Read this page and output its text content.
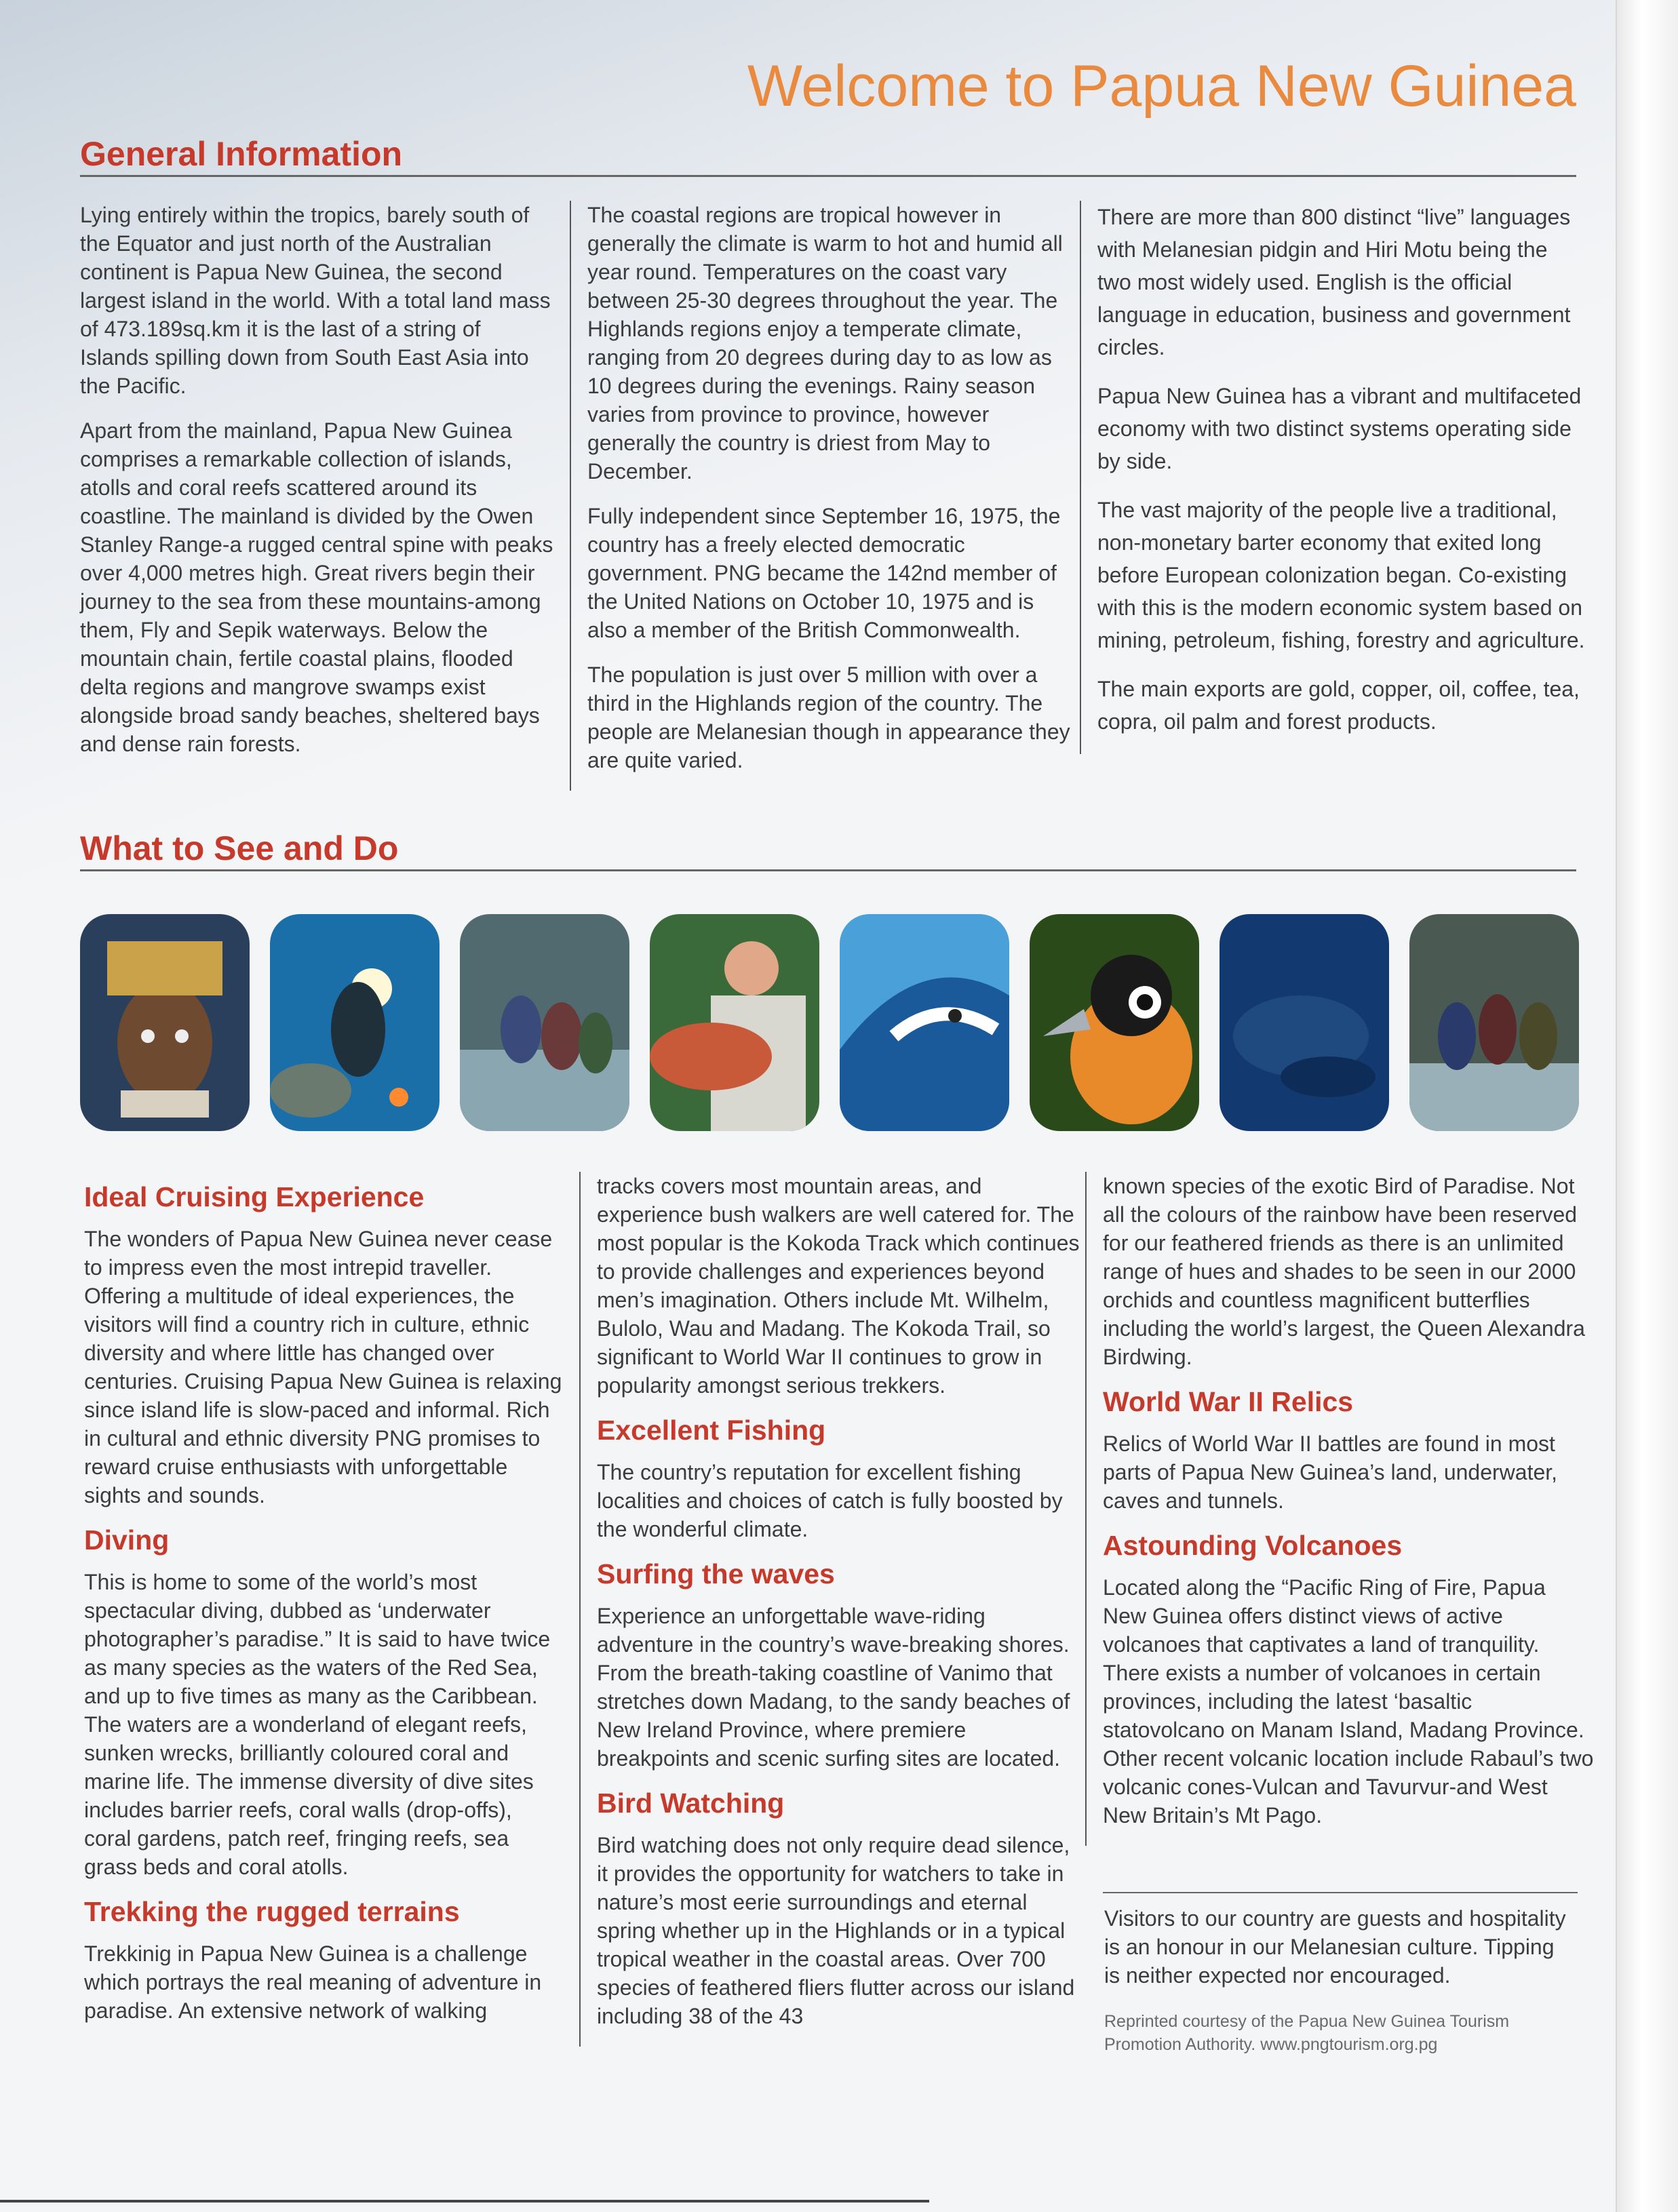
Welcome to Papua New Guinea
General Information

Lying entirely within the tropics, barely south of the Equator and just north of the Australian continent is Papua New Guinea, the second largest island in the world. With a total land mass of 473.189sq.km it is the last of a string of Islands spilling down from South East Asia into the Pacific.

Apart from the mainland, Papua New Guinea comprises a remarkable collection of islands, atolls and coral reefs scattered around its coastline. The mainland is divided by the Owen Stanley Range-a rugged central spine with peaks over 4,000 metres high. Great rivers begin their journey to the sea from these mountains-among them, Fly and Sepik waterways. Below the mountain chain, fertile coastal plains, flooded delta regions and mangrove swamps exist alongside broad sandy beaches, sheltered bays and dense rain forests.

The coastal regions are tropical however in generally the climate is warm to hot and humid all year round. Temperatures on the coast vary between 25-30 degrees throughout the year. The Highlands regions enjoy a temperate climate, ranging from 20 degrees during day to as low as 10 degrees during the evenings. Rainy season varies from province to province, however generally the country is driest from May to December.

Fully independent since September 16, 1975, the country has a freely elected democratic government. PNG became the 142nd member of the United Nations on October 10, 1975 and is also a member of the British Commonwealth.

The population is just over 5 million with over a third in the Highlands region of the country. The people are Melanesian though in appearance they are quite varied.

There are more than 800 distinct “live” languages with Melanesian pidgin and Hiri Motu being the two most widely used. English is the official language in education, business and government circles.

Papua New Guinea has a vibrant and multifaceted economy with two distinct systems operating side by side.

The vast majority of the people live a traditional, non-monetary barter economy that exited long before European colonization began. Co-existing with this is the modern economic system based on mining, petroleum, fishing, forestry and agriculture.

The main exports are gold, copper, oil, coffee, tea, copra, oil palm and forest products.

What to See and Do
Ideal Cruising Experience

The wonders of Papua New Guinea never cease to impress even the most intrepid traveller. Offering a multitude of ideal experiences, the visitors will find a country rich in culture, ethnic diversity and where little has changed over centuries. Cruising Papua New Guinea is relaxing since island life is slow-paced and informal. Rich in cultural and ethnic diversity PNG promises to reward cruise enthusiasts with unforgettable sights and sounds.

Diving

This is home to some of the world’s most spectacular diving, dubbed as ‘underwater photographer’s paradise.” It is said to have twice as many species as the waters of the Red Sea, and up to five times as many as the Caribbean. The waters are a wonderland of elegant reefs, sunken wrecks, brilliantly coloured coral and marine life. The immense diversity of dive sites includes barrier reefs, coral walls (drop-offs), coral gardens, patch reef, fringing reefs, sea grass beds and coral atolls.

Trekking the rugged terrains

Trekkinig in Papua New Guinea is a challenge which portrays the real meaning of adventure in paradise. An extensive network of walking

tracks covers most mountain areas, and experience bush walkers are well catered for. The most popular is the Kokoda Track which continues to provide challenges and experiences beyond men’s imagination. Others include Mt. Wilhelm, Bulolo, Wau and Madang. The Kokoda Trail, so significant to World War II continues to grow in popularity amongst serious trekkers.

Excellent Fishing

The country’s reputation for excellent fishing localities and choices of catch is fully boosted by the wonderful climate.

Surfing the waves

Experience an unforgettable wave-riding adventure in the country’s wave-breaking shores. From the breath-taking coastline of Vanimo that stretches down Madang, to the sandy beaches of New Ireland Province, where premiere breakpoints and scenic surfing sites are located.

Bird Watching

Bird watching does not only require dead silence, it provides the opportunity for watchers to take in nature’s most eerie surroundings and eternal spring whether up in the Highlands or in a typical tropical weather in the coastal areas. Over 700 species of feathered fliers flutter across our island including 38 of the 43

known species of the exotic Bird of Paradise. Not all the colours of the rainbow have been reserved for our feathered friends as there is an unlimited range of hues and shades to be seen in our 2000 orchids and countless magnificent butterflies including the world’s largest, the Queen Alexandra Birdwing.

World War II Relics

Relics of World War II battles are found in most parts of Papua New Guinea’s land, underwater, caves and tunnels.

Astounding Volcanoes

Located along the “Pacific Ring of Fire, Papua New Guinea offers distinct views of active volcanoes that captivates a land of tranquility. There exists a number of volcanoes in certain provinces, including the latest ‘basaltic statovolcano on Manam Island, Madang Province. Other recent volcanic location include Rabaul’s two volcanic cones-Vulcan and Tavurvur-and West New Britain’s Mt Pago.

Visitors to our country are guests and hospitality is an honour in our Melanesian culture. Tipping is neither expected nor encouraged.

Reprinted courtesy of the Papua New Guinea Tourism Promotion Authority. www.pngtourism.org.pg
